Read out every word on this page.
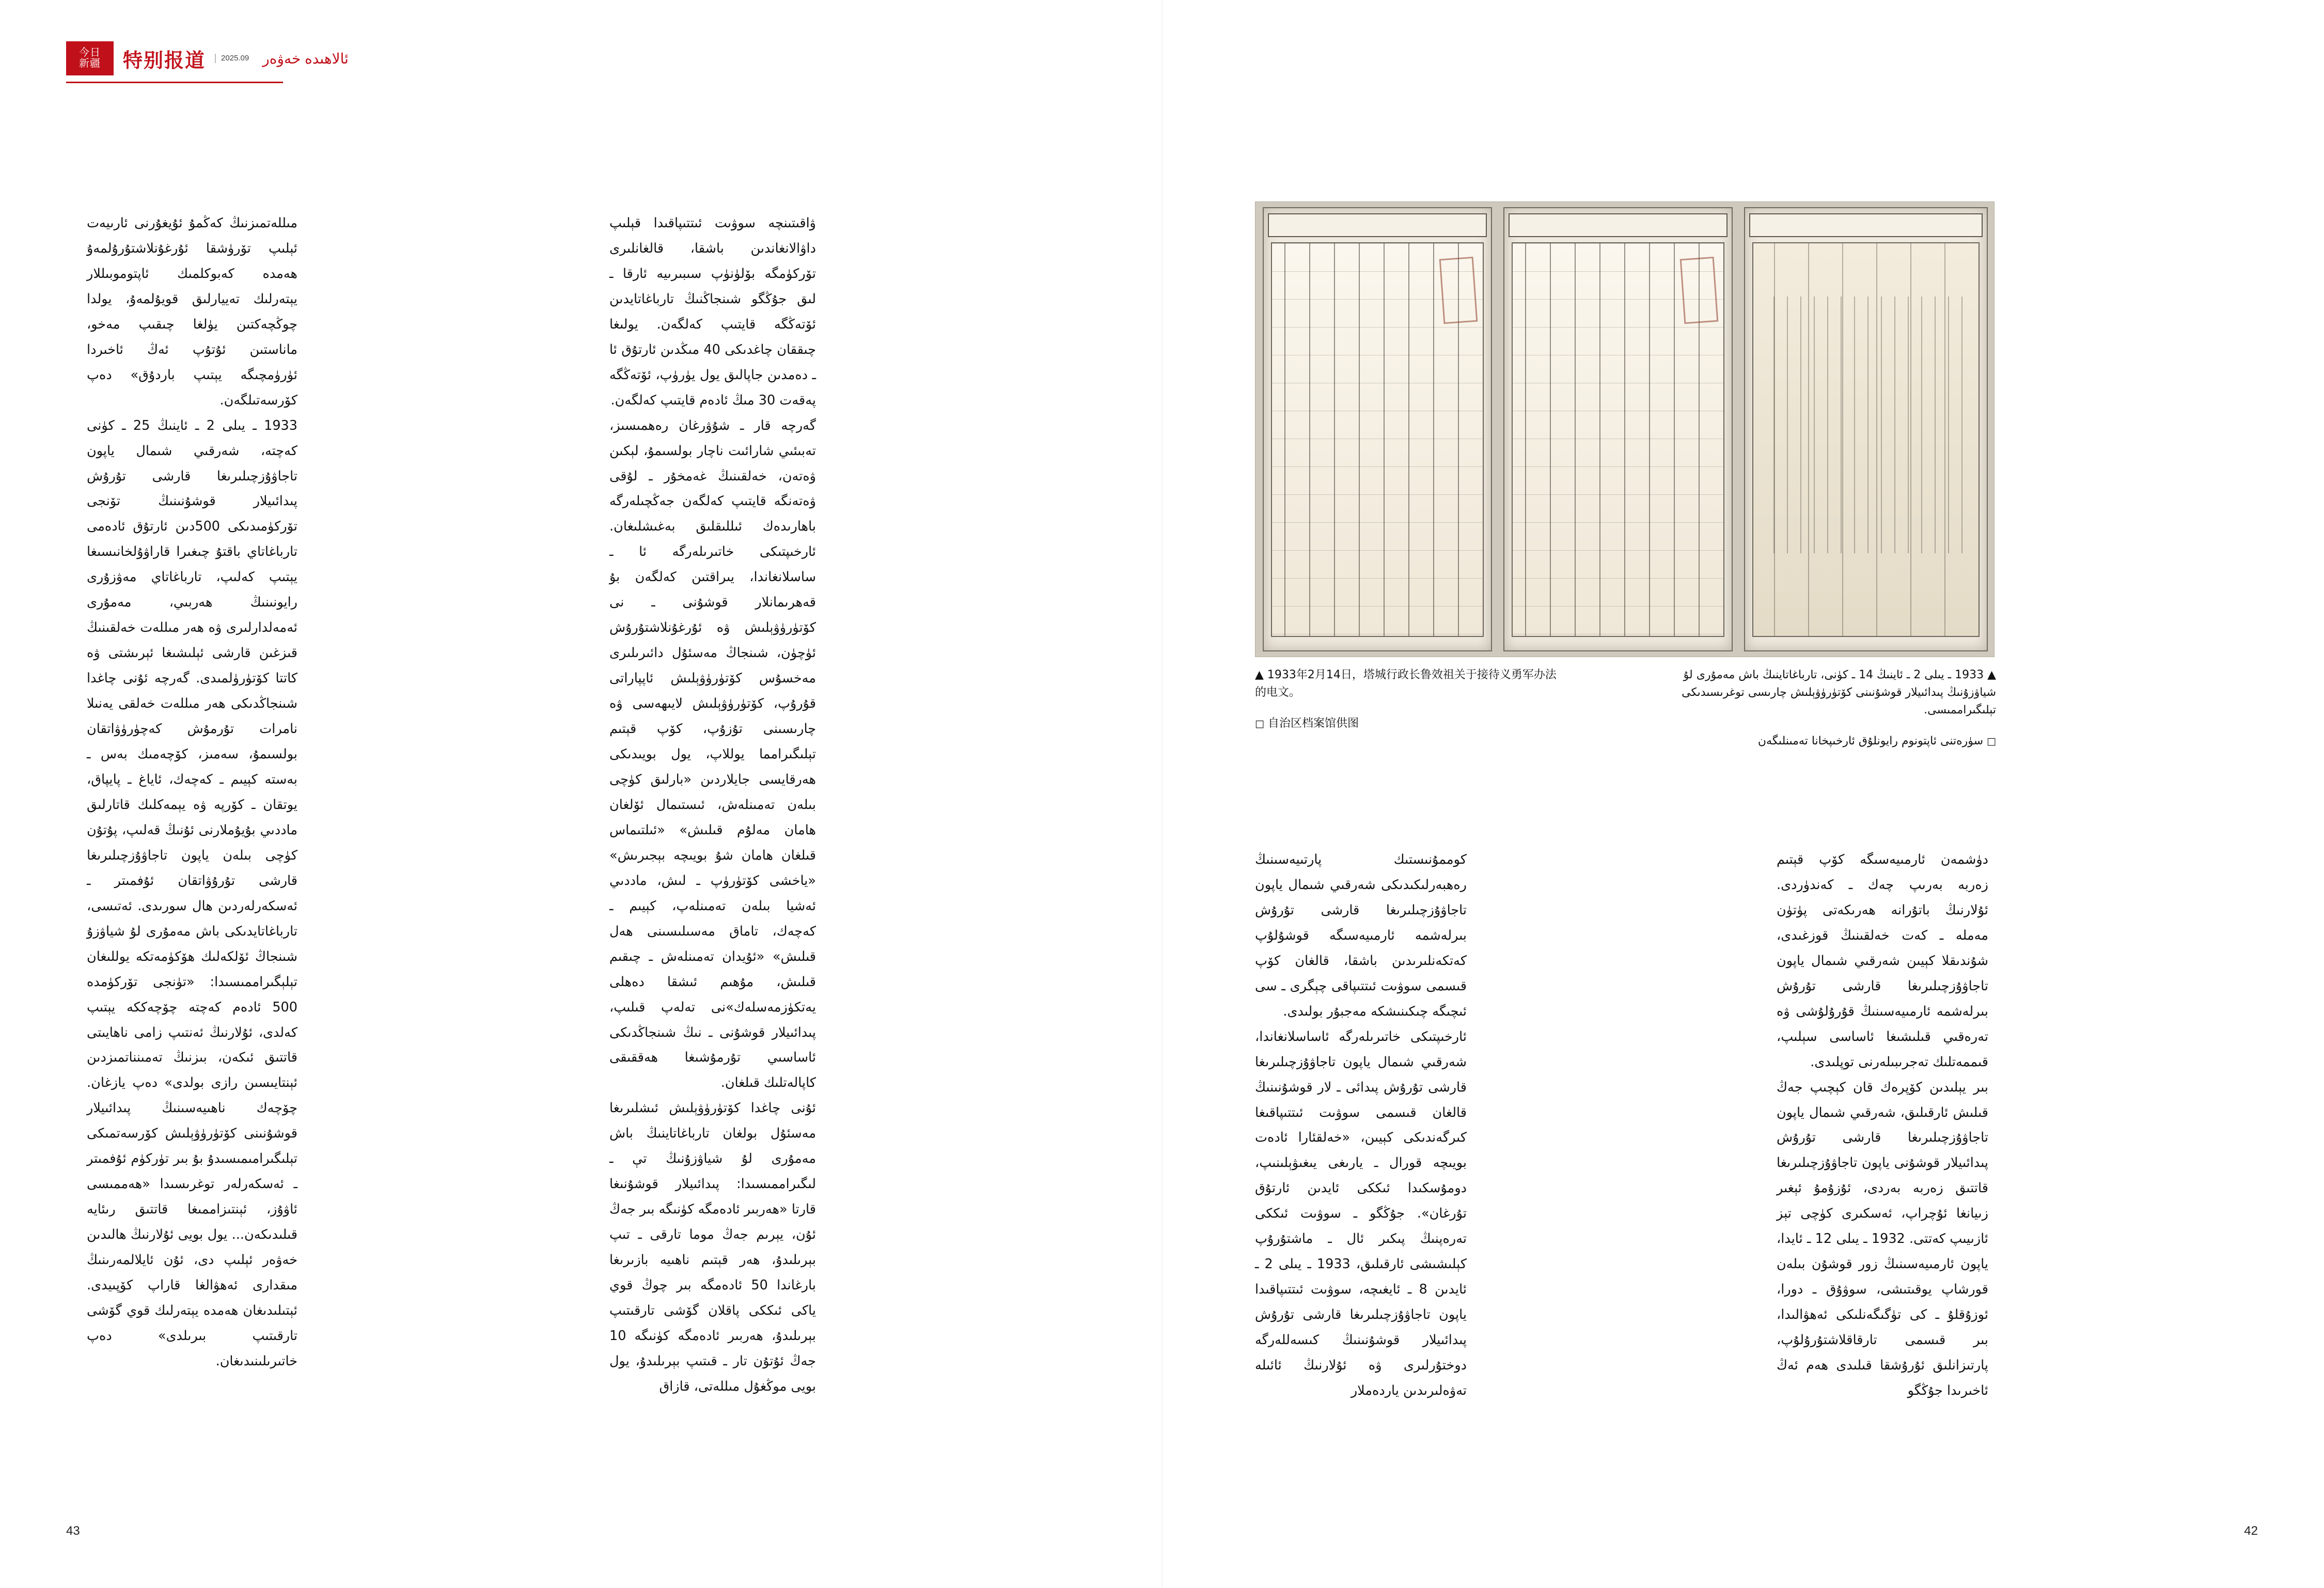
今日
新疆 特别报道	2025.09 ئالاھىدە خەۋەر

مىللەتمىزنىڭ كەڭمۇ ئۇيغۇرنى ئارىيەت ئېلىپ تۆرۈشقا ئۇرغۇنلاشتۇرۇلمەۇ ھەمدە كەبوكلمىك ئاپتوموبىللار يېتەرلىك تەييارلىق قويۇلمەۇ، يولدا چوڭچەكتىن يۈلغا چىقىپ مەخو، ماناستىن ئۇتۇپ ئەڭ ئاخىردا ئۈرۈمچىگە يېتىپ باردۇق» دەپ كۆرسەتىلگەن.

1933 ـ يىلى 2 ـ ئاينىڭ 25 ـ كۈنى كەچتە، شەرقىي شىمال ياپون تاجاۋۇزچىلىرىغا قارشى تۇرۇش پىدائىيلار قوشۇنىنىڭ تۆنجى تۆركۈمىدىكى 500دىن ئارتۇق ئادەمى تارباغاتاي باقتۇ چىغىرا قاراۋۇلخانىسىغا يېتىپ كەلىپ، تارباغاتاي مەۋزۇرى رايونىنىڭ ھەربىي، مەمۇرى ئەمەلدارلىرى ۋە ھەر مىللەت خەلقىنىڭ قىزغىن قارشى ئېلىشىغا ئېرىشتى ۋە كاتتا كۆتۈرۈلمىدى. گەرچە ئۇنى چاغدا شىنجاڭدىكى ھەر مىللەت خەلقى يەنىلا نامرات تۇرمۇش كەچۈرۈۋاتقان بولسىمۇ، سەمىز، كۆچەمىك بەس ـ بەستە كېيىم ـ كەچەك، ئاياغ ـ پايپاق، يوتقان ـ كۆرپە ۋە يېمەكلىك قاتارلىق ماددىي بۇيۇملارنى ئۇنىڭ قەلىپ، پۇتۇن كۈچى بىلەن ياپون تاجاۋۇزچىلىرىغا قارشى تۇرۇۋاتقان ئۇفمىتر ـ ئەسكەرلەردىن ھال سورىدى. ئەتىسى، تارباغاتايدىكى باش مەمۇرى لۇ شياۋزۇ شىنجاڭ ئۆلكەلىك ھۆكۈمەتكە يوللىغان تېلېگىراممىسىدا: «تۈنجى تۆركۈمدە 500 ئادەم كەچتە چۆچەككە يېتىپ كەلدى، ئۇلارنىڭ ئەنتىپ زامى ناھايىتى قاتتىق ئىكەن، بىزنىڭ تەمىنناتمىزدىن ئېنتايىسىن رازى بولدى» دەپ يازغان. چۆچەك ناھىيەسىنىڭ پىدائىيلار قوشۇنىنى كۆتۈرۈۋېلىش كۆرسەتمىكى تېلىگىرامىمىسىدۇ بۇ بىر تۈركۈم ئۇفمىتر ـ ئەسكەرلەر توغرىسىدا «ھەممىسى ئاۋۇز، ئېنتىزاممىغا قاتتىق رىئايە قىلىدىكەن... يول بويى ئۇلارنىڭ ھالىدىن خەۋەر ئېلىپ دى، ئۇن ئايلالمەرىنىڭ مىقدارى ئەھۋالغا قاراپ كۆپىيدى. ئېتىلىدىغان ھەمدە يېتەرلىك قوي گۆشى تارقىتىپ بىرىلدى» دەپ خاتىرىلىنىدىغان.

ۋاقىتىنچە سوۋىت ئىتتىپاقىدا قېلىپ داۋالانغاندىن باشقا، قالغانلىرى تۆركۈمگە بۆلۈنۈپ سىبىرىيە ئارقا ـ لىق جۇڭگو شىنجاڭنىڭ تارباغاتايدىن ئۆتەڭگە قايتىپ كەلگەن. يولىغا چىققان چاغدىكى 40 مىڭدىن ئارتۇق ئا ـ دەمدىن جاپالىق يول يۈرۈپ، ئۆتەڭگە پەقەت 30 مىڭ ئادەم قايتىپ كەلگەن.

گەرچە قار ـ شۇۋرغان رەھمىسىز، تەبىئىي شارائىت ناچار بولسىمۇ، لېكىن ۋەتەن، خەلقىنىڭ غەمخۇر ـ لۇقى ۋەتەنگە قايتىپ كەلگەن جەڭچىلەرگە باھارىدەك ئىللىقلىق بەغىشلىغان. ئارخىپتىكى خاتىرىلەرگە ئا ـ ساسلانغاندا، يىراقتىن كەلگەن بۇ قەھرىمانلار قوشۇنى ـ نى كۆتۈرۈۋېلىش ۋە ئۇرغۇنلاشتۇرۇش ئۈچۈن، شىنجاڭ مەسئۇل دائىرىلىرى مەخسۇس كۆتۈرۈۋېلىش ئاپپاراتى قۇرۇپ، كۆتۈرۈۋېلىش لايىھەسى ۋە چارىسىنى تۇزۇپ، كۆپ قېتىم تېلىگىرامما يوللاپ، يول بويىدىكى ھەرقايسى جايلاردىن «بارلىق كۈچى بىلەن تەمىنلەش، ئىستىمال ئۆلغان ھامان مەلۇم قىلىش» «ئىلتىماس قىلغان ھامان شۇ بويىچە بېجىرىش» «ياخشى كۆتۈرۈپ ـ لىش، ماددىي ئەشيا بىلەن تەمىنلەپ، كېيىم ـ كەچەك، تاماق مەسىلىسىنى ھەل قىلىش» «ئۇيدان تەمىنلەش ـ چىقىم قىلىش، مۇھىم ئىشقا دەھلى يەتكۈزمەسلەك»نى تەلەپ قىلىپ، پىدائىيلار قوشۇنى ـ نىڭ شىنجاڭدىكى ئاساسىي تۇرمۇشىغا ھەققىقى كاپالەتلىك قىلغان.

ئۇنى چاغدا كۆتۈرۈۋېلىش ئىشلىرىغا مەسئۇل بولغان تارباغاتاينىڭ باش مەمۇرى لۇ شياۋزۇنىڭ تې ـ لىگىراممىسىدا: پىدائىيلار قوشۇنىغا قارتا «ھەربىر ئادەمگە كۈنىگە بىر جەڭ ئۇن، يېرىم جەڭ موما تارقى ـ تىپ بېرىلىدۇ، ھەر قېتىم ناھىيە بازىرىغا بارغاندا 50 ئادەمگە بىر چوڭ قوي ياكى ئىككى پاقلان گۆشى تارقىتىپ بېرىلىدۇ، ھەربىر ئادەمگە كۈنىگە 10 جەڭ ئۇتۇن تار ـ قىتىپ بېرىلىدۇ، يول بويى موڭغۇل مىللەتى، قازاق

▲ 1933年2月14日，塔城行政长鲁效祖关于接待义勇军办法的电文。
□ 自治区档案馆供图
▲ 1933 ـ يىلى 2 ـ ئاينىڭ 14 ـ كۈنى، تارباغاتاينىڭ باش مەمۇرى لۇ شياۋزۇنىڭ پىدائىيلار قوشۇنىنى كۆتۈرۈۋېلىش چارىسى توغرىسىدىكى تېلىگىراممىسى.
□ سۈرەتنى ئاپتونوم رايونلۇق ئارخىپخانا تەمىنلىگەن

كوممۇنىستىك پارتىيەسىنىڭ رەھبەرلىكىدىكى شەرقىي شىمال ياپون تاجاۋۇزچىلىرىغا قارشى تۇرۇش بىرلەشمە ئارمىيەسىگە قوشۇلۇپ كەتكەنلىرىدىن باشقا، قالغان كۆپ قىسمى سوۋىت ئىتتىپاقى چېگرى ـ سى ئىچىگە چىكىنىشكە مەجبۇر بولىدى.

ئارخىپتىكى خاتىرىلەرگە ئاساسلانغاندا، شەرقىي شىمال ياپون تاجاۋۇزچىلىرىغا قارشى تۇرۇش پىدائى ـ لار قوشۇنىنىڭ قالغان قىسمى سوۋىت ئىتتىپاقىغا كىرگەندىكى كېيىن، «خەلقئارا ئادەت بويىچە قورال ـ يارىغى يىغىۋېلىنىپ، دومۇسكىدا ئىككى ئايدىن ئارتۇق تۇرغان». جۇڭگو ـ سوۋىت ئىككى تەرەپنىڭ پىكىر ئال ـ ماشتۇرۇپ كېلىشىشى ئارقىلىق، 1933 ـ يىلى 2 ـ ئايدىن 8 ـ ئايغىچە، سوۋىت ئىتتىپاقىدا ياپون تاجاۋۇزچىلىرىغا قارشى تۇرۇش پىدائىيلار قوشۇنىنىڭ كىسەللەرگە دوختۇرلىرى ۋە ئۇلارنىڭ ئائىلە تەۋەلىرىدىن ياردەملار

دۈشمەن ئارمىيەسىگە كۆپ قېتىم زەربە بەرىپ چەك ـ كەندۈردى. ئۇلارنىڭ باتۇرانە ھەرىكەتى پۈتۈن مەملە ـ كەت خەلقىنىڭ قوزغىدى، شۇندىقلا كېيىن شەرقىي شىمال ياپون تاجاۋۇزچىلىرىغا قارشى تۇرۇش بىرلەشمە ئارمىيەسىنىڭ قۇرۇلۇشى ۋە تەرەقىي قىلىشىغا ئاساسى سېلىپ، قىممەتلىك تەجرىبىلەرنى توپلىدى.

بىر يېلىدىن كۆپرەك قان كېچىپ جەڭ قىلىش ئارقىلىق، شەرقىي شىمال ياپون تاجاۋۇزچىلىرىغا قارشى تۇرۇش پىدائىيلار قوشۇنى ياپون تاجاۋۇزچىلىرىغا قاتتىق زەربە بەردى، ئۇزۇمۇ ئېغىر زىيانغا ئۇچراپ، ئەسكىرى كۈچى تېز ئازىيىپ كەتتى. 1932 ـ يىلى 12 ـ ئايدا، ياپون ئارمىيەسىنىڭ زور قوشۇن بىلەن قورشاپ يوقىتىشى، سوۋۇق ـ دورا، ئوزۇقلۇ ـ كى تۈگىگەنلىكى ئەھۋالىدا، بىر قىسمى تارقاقلاشتۇرۇلۇپ، پارتىزانلىق ئۇرۇشقا قىلىدى ھەم ئەڭ ئاخىرىدا جۇڭگو

43	42
